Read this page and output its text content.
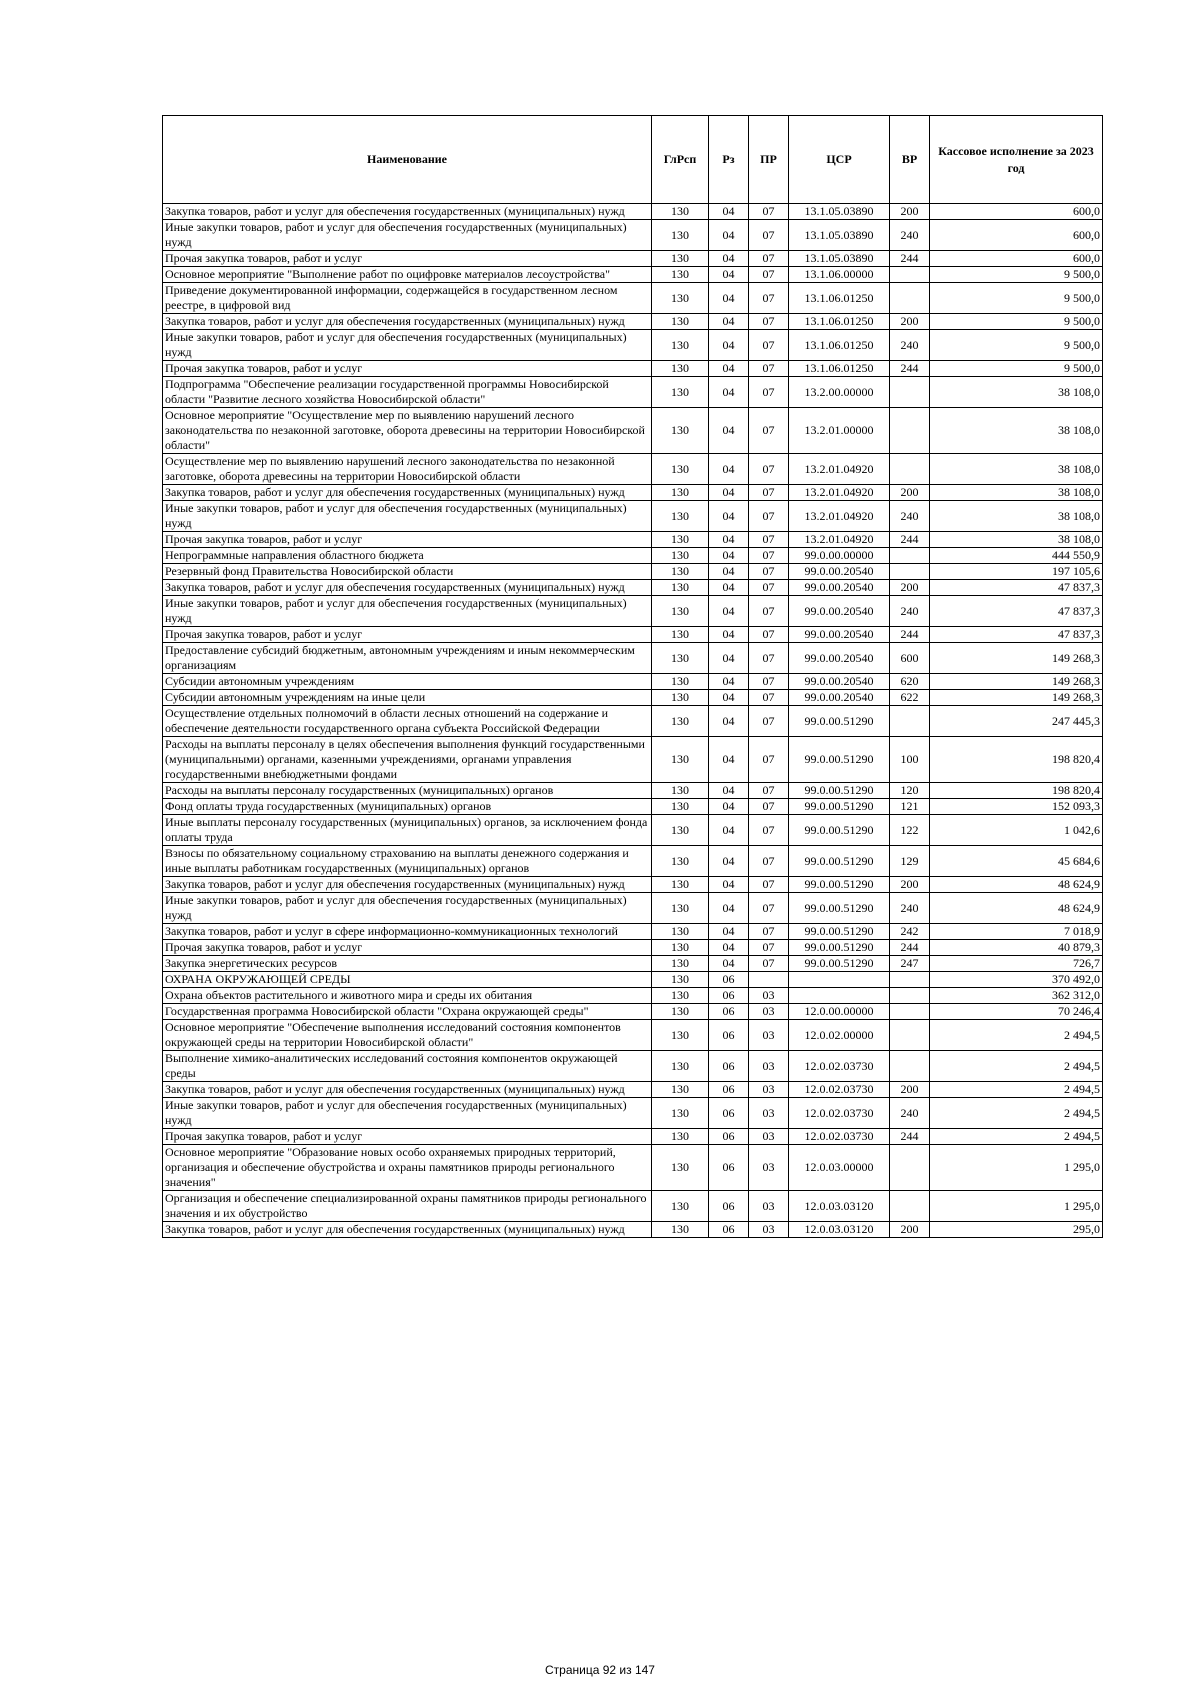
Наименование	ГлРсп	Рз	ПР	ЦСР	ВР	Кассовое исполнение за 2023 год
Закупка товаров, работ и услуг для обеспечения государственных (муниципальных) нужд	130	04	07	13.1.05.03890	200	600,0
Иные закупки товаров, работ и услуг для обеспечения государственных (муниципальных) нужд	130	04	07	13.1.05.03890	240	600,0
Прочая закупка товаров, работ и услуг	130	04	07	13.1.05.03890	244	600,0
Основное мероприятие "Выполнение работ по оцифровке материалов лесоустройства"	130	04	07	13.1.06.00000		9 500,0
Приведение документированной информации, содержащейся в государственном лесном реестре, в цифровой вид	130	04	07	13.1.06.01250		9 500,0
Закупка товаров, работ и услуг для обеспечения государственных (муниципальных) нужд	130	04	07	13.1.06.01250	200	9 500,0
Иные закупки товаров, работ и услуг для обеспечения государственных (муниципальных) нужд	130	04	07	13.1.06.01250	240	9 500,0
Прочая закупка товаров, работ и услуг	130	04	07	13.1.06.01250	244	9 500,0
Подпрограмма "Обеспечение реализации государственной программы Новосибирской области "Развитие лесного хозяйства Новосибирской области"	130	04	07	13.2.00.00000		38 108,0
Основное мероприятие "Осуществление мер по выявлению нарушений лесного законодательства по незаконной заготовке, оборота древесины на территории Новосибирской области"	130	04	07	13.2.01.00000		38 108,0
Осуществление мер по выявлению нарушений лесного законодательства по незаконной заготовке, оборота древесины на территории Новосибирской области	130	04	07	13.2.01.04920		38 108,0
Закупка товаров, работ и услуг для обеспечения государственных (муниципальных) нужд	130	04	07	13.2.01.04920	200	38 108,0
Иные закупки товаров, работ и услуг для обеспечения государственных (муниципальных) нужд	130	04	07	13.2.01.04920	240	38 108,0
Прочая закупка товаров, работ и услуг	130	04	07	13.2.01.04920	244	38 108,0
Непрограммные направления областного бюджета	130	04	07	99.0.00.00000		444 550,9
Резервный фонд Правительства Новосибирской области	130	04	07	99.0.00.20540		197 105,6
Закупка товаров, работ и услуг для обеспечения государственных (муниципальных) нужд	130	04	07	99.0.00.20540	200	47 837,3
Иные закупки товаров, работ и услуг для обеспечения государственных (муниципальных) нужд	130	04	07	99.0.00.20540	240	47 837,3
Прочая закупка товаров, работ и услуг	130	04	07	99.0.00.20540	244	47 837,3
Предоставление субсидий бюджетным, автономным учреждениям и иным некоммерческим организациям	130	04	07	99.0.00.20540	600	149 268,3
Субсидии автономным учреждениям	130	04	07	99.0.00.20540	620	149 268,3
Субсидии автономным учреждениям на иные цели	130	04	07	99.0.00.20540	622	149 268,3
Осуществление отдельных полномочий в области лесных отношений на содержание и обеспечение деятельности государственного органа субъекта Российской Федерации	130	04	07	99.0.00.51290		247 445,3
Расходы на выплаты персоналу в целях обеспечения выполнения функций государственными (муниципальными) органами, казенными учреждениями, органами управления государственными внебюджетными фондами	130	04	07	99.0.00.51290	100	198 820,4
Расходы на выплаты персоналу государственных (муниципальных) органов	130	04	07	99.0.00.51290	120	198 820,4
Фонд оплаты труда государственных (муниципальных) органов	130	04	07	99.0.00.51290	121	152 093,3
Иные выплаты персоналу государственных (муниципальных) органов, за исключением фонда оплаты труда	130	04	07	99.0.00.51290	122	1 042,6
Взносы по обязательному социальному страхованию на выплаты денежного содержания и иные выплаты работникам государственных (муниципальных) органов	130	04	07	99.0.00.51290	129	45 684,6
Закупка товаров, работ и услуг для обеспечения государственных (муниципальных) нужд	130	04	07	99.0.00.51290	200	48 624,9
Иные закупки товаров, работ и услуг для обеспечения государственных (муниципальных) нужд	130	04	07	99.0.00.51290	240	48 624,9
Закупка товаров, работ и услуг в сфере информационно-коммуникационных технологий	130	04	07	99.0.00.51290	242	7 018,9
Прочая закупка товаров, работ и услуг	130	04	07	99.0.00.51290	244	40 879,3
Закупка энергетических ресурсов	130	04	07	99.0.00.51290	247	726,7
ОХРАНА ОКРУЖАЮЩЕЙ СРЕДЫ	130	06				370 492,0
Охрана объектов растительного и животного мира и среды их обитания	130	06	03			362 312,0
Государственная программа Новосибирской области "Охрана окружающей среды"	130	06	03	12.0.00.00000		70 246,4
Основное мероприятие "Обеспечение выполнения исследований состояния компонентов окружающей среды на территории Новосибирской области"	130	06	03	12.0.02.00000		2 494,5
Выполнение химико-аналитических исследований состояния компонентов окружающей среды	130	06	03	12.0.02.03730		2 494,5
Закупка товаров, работ и услуг для обеспечения государственных (муниципальных) нужд	130	06	03	12.0.02.03730	200	2 494,5
Иные закупки товаров, работ и услуг для обеспечения государственных (муниципальных) нужд	130	06	03	12.0.02.03730	240	2 494,5
Прочая закупка товаров, работ и услуг	130	06	03	12.0.02.03730	244	2 494,5
Основное мероприятие "Образование новых особо охраняемых природных территорий, организация и обеспечение обустройства и охраны памятников природы регионального значения"	130	06	03	12.0.03.00000		1 295,0
Организация и обеспечение специализированной охраны памятников природы регионального значения и их обустройство	130	06	03	12.0.03.03120		1 295,0
Закупка товаров, работ и услуг для обеспечения государственных (муниципальных) нужд	130	06	03	12.0.03.03120	200	295,0
Страница 92 из 147
